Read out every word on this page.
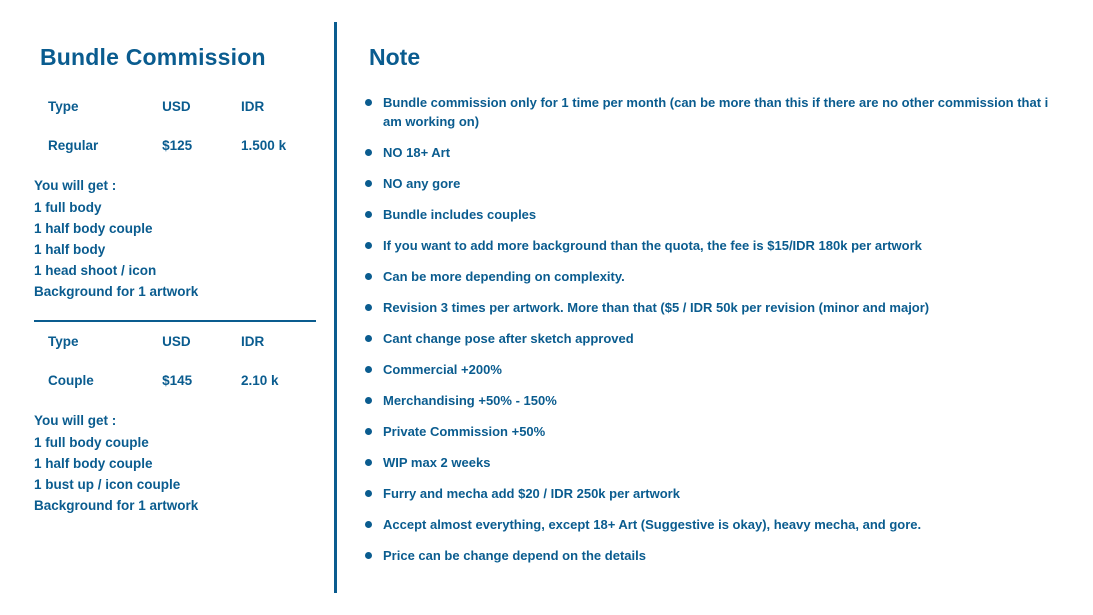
Bundle Commission
Type	USD	IDR
Regular	$125	1.500 k
You will get :
1 full body
1 half body couple
1 half body
1 head shoot / icon
Background for 1 artwork
Type	USD	IDR
Couple	$145	2.10 k
You will get :
1 full body couple
1 half body couple
1 bust up / icon couple
Background for 1 artwork
Note
Bundle commission only for 1 time per month (can be more than this if there are no other commission that i am working on)
NO 18+ Art
NO any gore
Bundle includes couples
If you want to add more background than the quota, the fee is $15/IDR 180k per artwork
Can be more depending on complexity.
Revision 3 times per artwork. More than that ($5 / IDR 50k per revision (minor and major)
Cant change pose after sketch approved
Commercial +200%
Merchandising +50% - 150%
Private Commission +50%
WIP max 2 weeks
Furry and mecha add $20 / IDR 250k per artwork
Accept almost everything, except 18+ Art (Suggestive is okay), heavy mecha, and gore.
Price can be change depend on the details
